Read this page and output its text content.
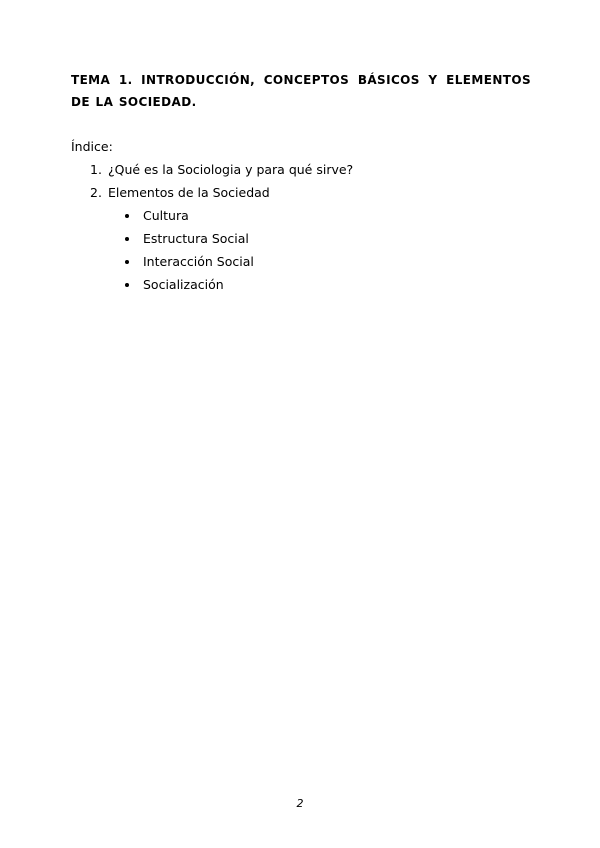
TEMA 1. INTRODUCCIÓN, CONCEPTOS BÁSICOS Y ELEMENTOS DE LA SOCIEDAD.

Índice:

1. ¿Qué es la Sociologia y para qué sirve?
2. Elementos de la Sociedad
Cultura
Estructura Social
Interacción Social
Socialización
2
